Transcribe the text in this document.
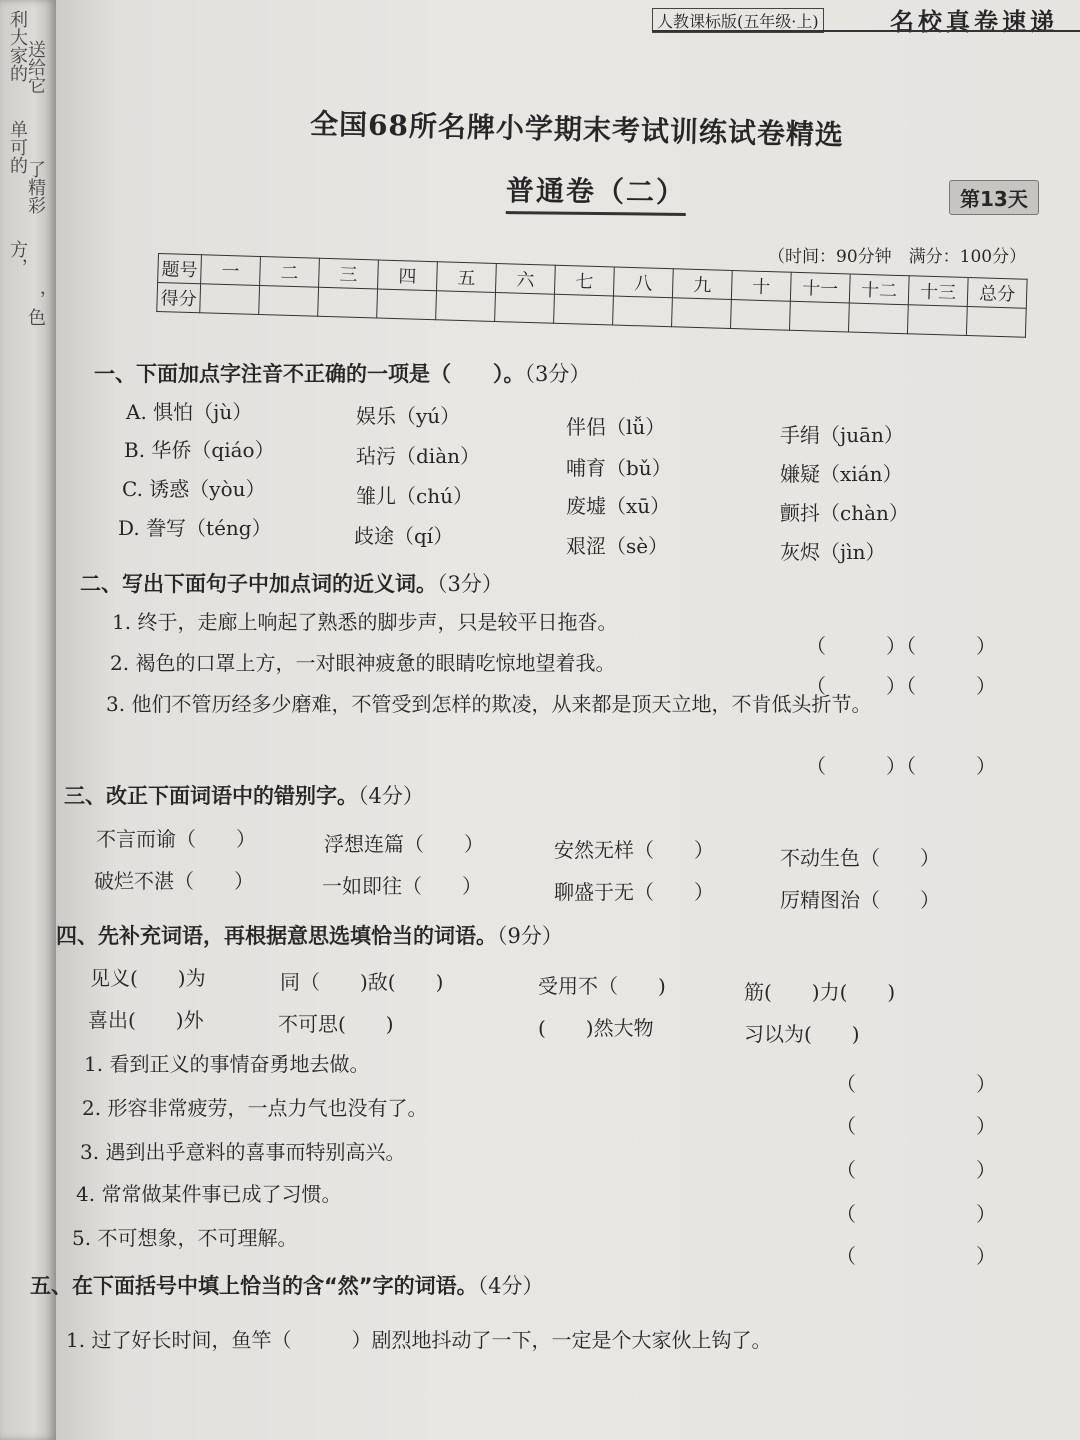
利大家的
送给它
单可的
了精彩
方，
，色
人教课标版(五年级·上)	名校真卷速递
全国68所名牌小学期末考试训练试卷精选
普通卷（二）	第13天
（时间：90分钟　满分：100分）
题号	一	二	三	四	五	六	七	八	九	十	十一	十二	十三	总分
得分														
一、下面加点字注音不正确的一项是（　　）。（3分）
A. 惧怕（jù）	娱乐（yú）	伴侣（lǚ）	手绢（juān）
B. 华侨（qiáo）	玷污（diàn）	哺育（bǔ）	嫌疑（xián）
C. 诱惑（yòu）	雏儿（chú）	废墟（xū）	颤抖（chàn）
D. 誊写（téng）	歧途（qí）	艰涩（sè）	灰烬（jìn）
二、写出下面句子中加点词的近义词。（3分）
1. 终于，走廊上响起了熟悉的脚步声，只是较平日拖沓。
（　　　）（　　　）
2. 褐色的口罩上方，一对眼神疲惫的眼睛吃惊地望着我。
（　　　）（　　　）
3. 他们不管历经多少磨难，不管受到怎样的欺凌，从来都是顶天立地，不肯低头折节。
（　　　）（　　　）
三、改正下面词语中的错别字。（4分）
不言而谕（　　）	浮想连篇（　　）	安然无样（　　）	不动生色（　　）
破烂不湛（　　）	一如即往（　　）	聊盛于无（　　）	厉精图治（　　）
四、先补充词语，再根据意思选填恰当的词语。（9分）
见义(　　)为	同（　　)敌(　　)	受用不（　　)	筋(　　)力(　　)
喜出(　　)外	不可思(　　)	(　　)然大物	习以为(　　)
1. 看到正义的事情奋勇地去做。
（　　　　　　）
2. 形容非常疲劳，一点力气也没有了。
（　　　　　　）
3. 遇到出乎意料的喜事而特别高兴。
（　　　　　　）
4. 常常做某件事已成了习惯。
（　　　　　　）
5. 不可想象，不可理解。
（　　　　　　）
五、在下面括号中填上恰当的含“然”字的词语。（4分）
1. 过了好长时间，鱼竿（　　　）剧烈地抖动了一下，一定是个大家伙上钩了。
